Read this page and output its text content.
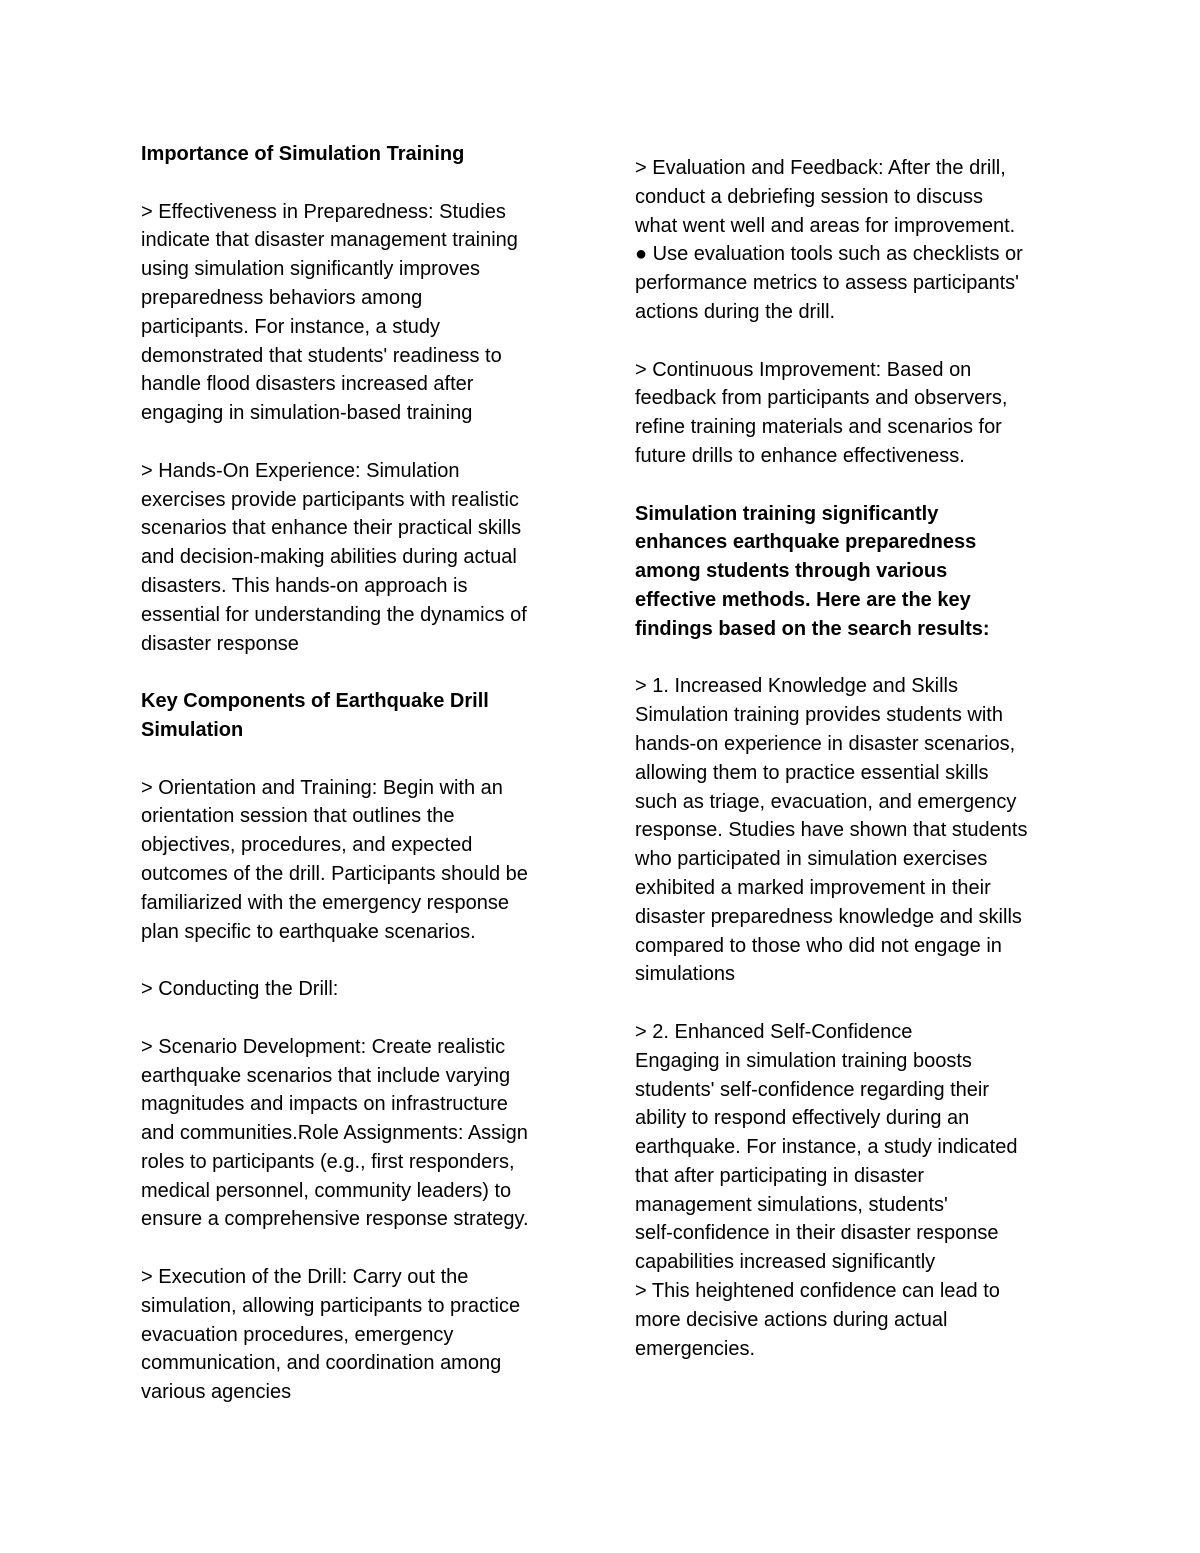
Importance of Simulation Training

> Effectiveness in Preparedness: Studies
indicate that disaster management training
using simulation significantly improves
preparedness behaviors among
participants. For instance, a study
demonstrated that students' readiness to
handle flood disasters increased after
engaging in simulation-based training

> Hands-On Experience: Simulation
exercises provide participants with realistic
scenarios that enhance their practical skills
and decision-making abilities during actual
disasters. This hands-on approach is
essential for understanding the dynamics of
disaster response

Key Components of Earthquake Drill
Simulation

> Orientation and Training: Begin with an
orientation session that outlines the
objectives, procedures, and expected
outcomes of the drill. Participants should be
familiarized with the emergency response
plan specific to earthquake scenarios.

> Conducting the Drill:

> Scenario Development: Create realistic
earthquake scenarios that include varying
magnitudes and impacts on infrastructure
and communities.Role Assignments: Assign
roles to participants (e.g., first responders,
medical personnel, community leaders) to
ensure a comprehensive response strategy.

> Execution of the Drill: Carry out the
simulation, allowing participants to practice
evacuation procedures, emergency
communication, and coordination among
various agencies

> Evaluation and Feedback: After the drill,
conduct a debriefing session to discuss
what went well and areas for improvement.
● Use evaluation tools such as checklists or
performance metrics to assess participants'
actions during the drill.

> Continuous Improvement: Based on
feedback from participants and observers,
refine training materials and scenarios for
future drills to enhance effectiveness.

Simulation training significantly
enhances earthquake preparedness
among students through various
effective methods. Here are the key
findings based on the search results:

> 1. Increased Knowledge and Skills
Simulation training provides students with
hands-on experience in disaster scenarios,
allowing them to practice essential skills
such as triage, evacuation, and emergency
response. Studies have shown that students
who participated in simulation exercises
exhibited a marked improvement in their
disaster preparedness knowledge and skills
compared to those who did not engage in
simulations

> 2. Enhanced Self-Confidence
Engaging in simulation training boosts
students' self-confidence regarding their
ability to respond effectively during an
earthquake. For instance, a study indicated
that after participating in disaster
management simulations, students'
self-confidence in their disaster response
capabilities increased significantly
> This heightened confidence can lead to
more decisive actions during actual
emergencies.
